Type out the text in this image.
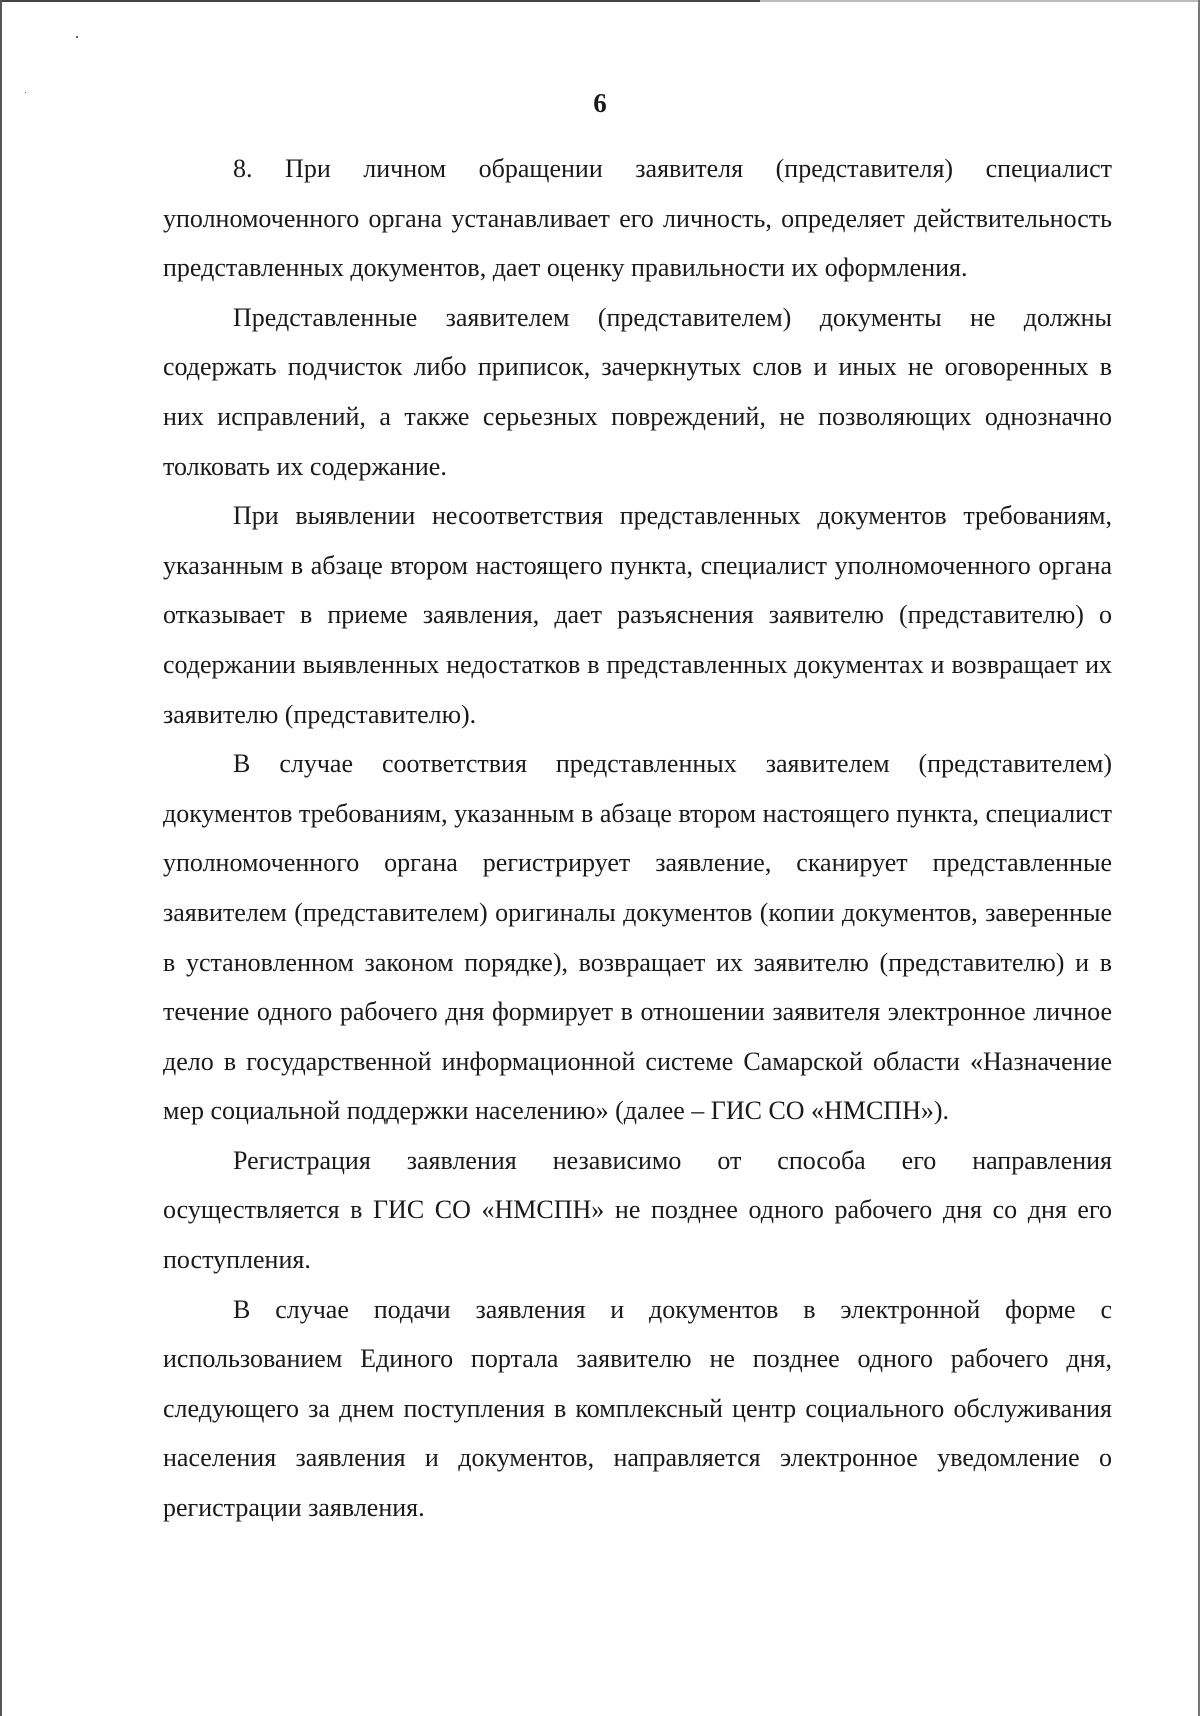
6

8. При личном обращении заявителя (представителя) специалист уполномоченного органа устанавливает его личность, определяет действительность представленных документов, дает оценку правильности их оформления.

Представленные заявителем (представителем) документы не должны содержать подчисток либо приписок, зачеркнутых слов и иных не оговоренных в них исправлений, а также серьезных повреждений, не позволяющих однозначно толковать их содержание.

При выявлении несоответствия представленных документов требованиям, указанным в абзаце втором настоящего пункта, специалист уполномоченного органа отказывает в приеме заявления, дает разъяснения заявителю (представителю) о содержании выявленных недостатков в представленных документах и возвращает их заявителю (представителю).

В случае соответствия представленных заявителем (представителем) документов требованиям, указанным в абзаце втором настоящего пункта, специалист уполномоченного органа регистрирует заявление, сканирует представленные заявителем (представителем) оригиналы документов (копии документов, заверенные в установленном законом порядке), возвращает их заявителю (представителю) и в течение одного рабочего дня формирует в отношении заявителя электронное личное дело в государственной информационной системе Самарской области «Назначение мер социальной поддержки населению» (далее – ГИС СО «НМСПН»).

Регистрация заявления независимо от способа его направления осуществляется в ГИС СО «НМСПН» не позднее одного рабочего дня со дня его поступления.

В случае подачи заявления и документов в электронной форме с использованием Единого портала заявителю не позднее одного рабочего дня, следующего за днем поступления в комплексный центр социального обслуживания населения заявления и документов, направляется электронное уведомление о регистрации заявления.
